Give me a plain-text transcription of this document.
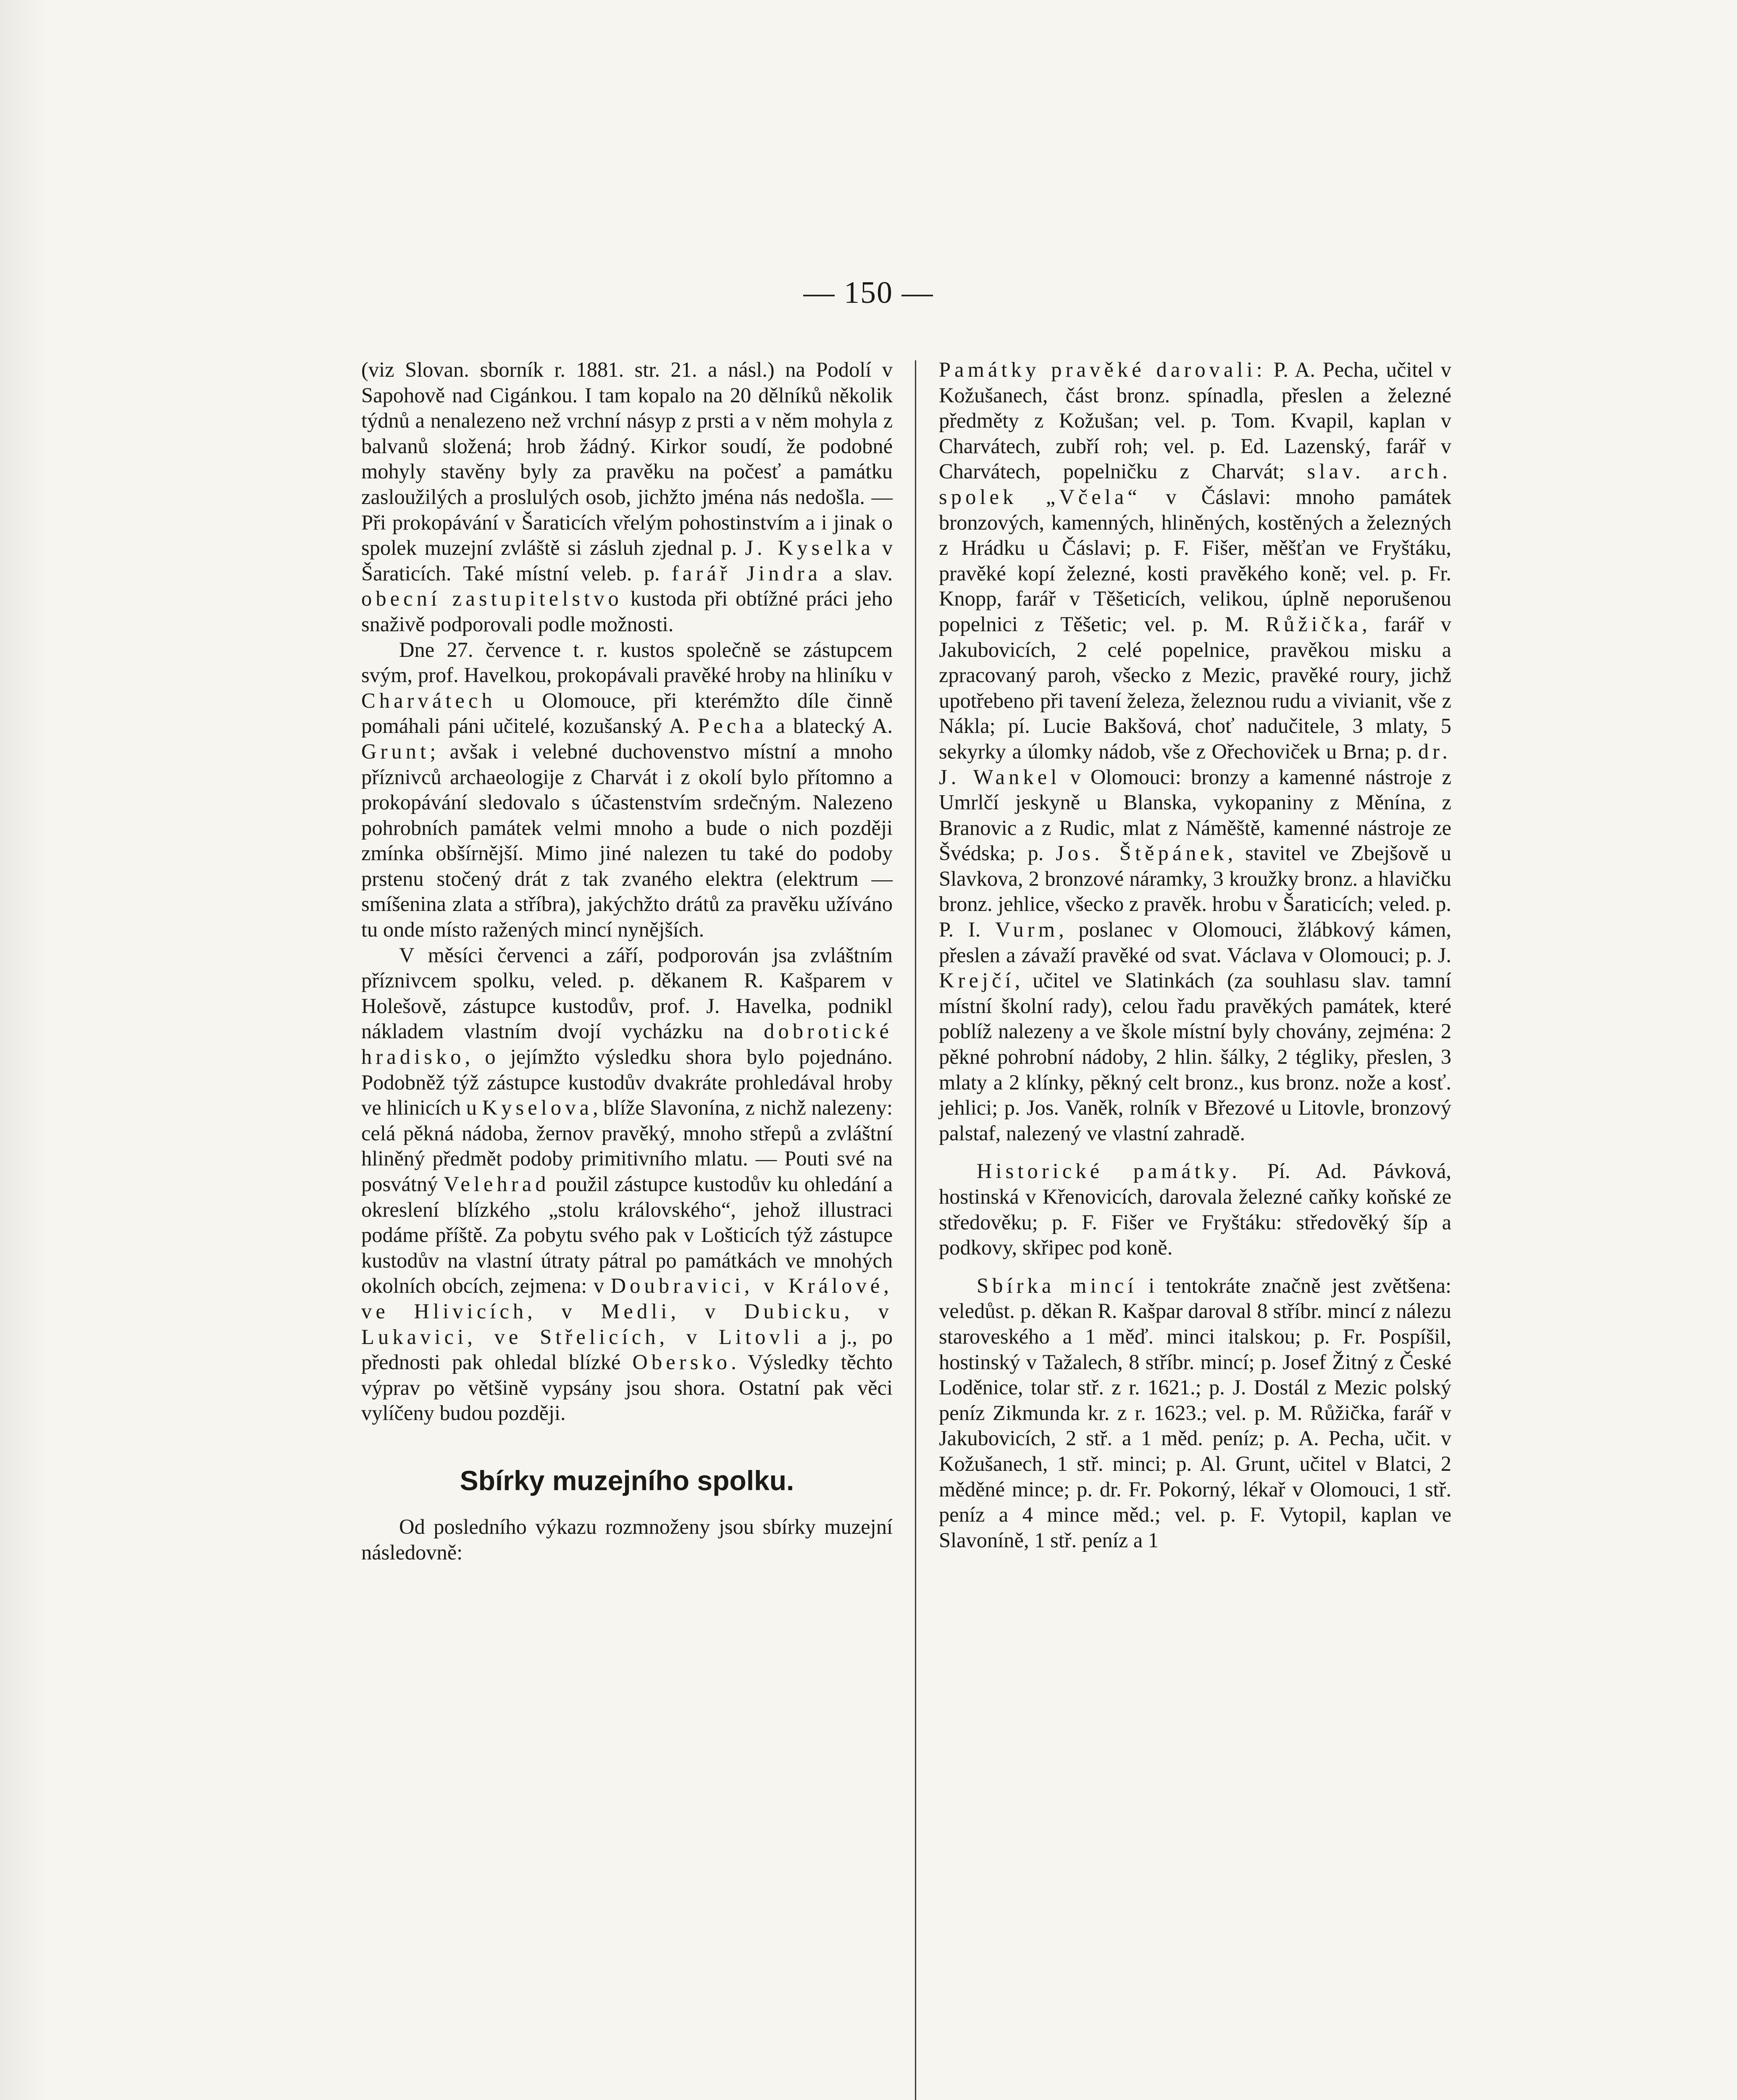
— 150 —

(viz Slovan. sborník r. 1881. str. 21. a násl.) na Podolí v Sapohově nad Cigánkou. I tam kopalo na 20 dělníků několik týdnů a nenalezeno než vrchní násyp z prsti a v něm mohyla z balvanů složená; hrob žádný. Kirkor soudí, že podobné mohyly stavěny byly za pravěku na počesť a památku zasloužilých a proslulých osob, jichžto jména nás nedošla. — Při prokopávání v Šaraticích vřelým pohostinstvím a i jinak o spolek muzejní zvláště si zásluh zjednal p. J. Kyselka v Šaraticích. Také místní veleb. p. farář Jindra a slav. obecní zastupitelstvo kustoda při obtížné práci jeho snaživě podporovali podle možnosti.

Dne 27. července t. r. kustos společně se zástupcem svým, prof. Havelkou, prokopávali pravěké hroby na hliníku v Charvátech u Olomouce, při kterémžto díle činně pomáhali páni učitelé, kozušanský A. Pecha a blatecký A. Grunt; avšak i velebné duchovenstvo místní a mnoho příznivců archaeologije z Charvát i z okolí bylo přítomno a prokopávání sledovalo s účastenstvím srdečným. Nalezeno pohrobních památek velmi mnoho a bude o nich později zmínka obšírnější. Mimo jiné nalezen tu také do podoby prstenu stočený drát z tak zvaného elektra (elektrum — smíšenina zlata a stříbra), jakýchžto drátů za pravěku užíváno tu onde místo ražených mincí nynějších.

V měsíci červenci a září, podporován jsa zvláštním příznivcem spolku, veled. p. děkanem R. Kašparem v Holešově, zástupce kustodův, prof. J. Havelka, podnikl nákladem vlastním dvojí vycházku na dobrotické hradisko, o jejímžto výsledku shora bylo pojednáno. Podobněž týž zástupce kustodův dvakráte prohledával hroby ve hlinicích u Kyselova, blíže Slavonína, z nichž nalezeny: celá pěkná nádoba, žernov pravěký, mnoho střepů a zvláštní hliněný předmět podoby primitivního mlatu. — Pouti své na posvátný Velehrad použil zástupce kustodův ku ohledání a okreslení blízkého „stolu královského“, jehož illustraci podáme příště. Za pobytu svého pak v Lošticích týž zástupce kustodův na vlastní útraty pátral po památkách ve mnohých okolních obcích, zejmena: v Doubravici, v Králové, ve Hlivicích, v Medli, v Dubicku, v Lukavici, ve Střelicích, v Litovli a j., po přednosti pak ohledal blízké Obersko. Výsledky těchto výprav po většině vypsány jsou shora. Ostatní pak věci vylíčeny budou později.

Sbírky muzejního spolku.

Od posledního výkazu rozmnoženy jsou sbírky muzejní následovně:

Památky pravěké darovali: P. A. Pecha, učitel v Kožušanech, část bronz. spínadla, přeslen a železné předměty z Kožušan; vel. p. Tom. Kvapil, kaplan v Charvátech, zubří roh; vel. p. Ed. Lazenský, farář v Charvátech, popelničku z Charvát; slav. arch. spolek „Včela“ v Čáslavi: mnoho památek bronzových, kamenných, hliněných, kostěných a železných z Hrádku u Čáslavi; p. F. Fišer, měšťan ve Fryštáku, pravěké kopí železné, kosti pravěkého koně; vel. p. Fr. Knopp, farář v Těšeticích, velikou, úplně neporušenou popelnici z Těšetic; vel. p. M. Růžička, farář v Jakubovicích, 2 celé popelnice, pravěkou misku a zpracovaný paroh, všecko z Mezic, pravěké roury, jichž upotřebeno při tavení železa, železnou rudu a vivianit, vše z Nákla; pí. Lucie Bakšová, choť nadučitele, 3 mlaty, 5 sekyrky a úlomky nádob, vše z Ořechoviček u Brna; p. dr. J. Wankel v Olomouci: bronzy a kamenné nástroje z Umrlčí jeskyně u Blanska, vykopaniny z Měnína, z Branovic a z Rudic, mlat z Náměště, kamenné nástroje ze Švédska; p. Jos. Štěpánek, stavitel ve Zbejšově u Slavkova, 2 bronzové náramky, 3 kroužky bronz. a hlavičku bronz. jehlice, všecko z pravěk. hrobu v Šaraticích; veled. p. P. I. Vurm, poslanec v Olomouci, žlábkový kámen, přeslen a závaží pravěké od svat. Václava v Olomouci; p. J. Krejčí, učitel ve Slatinkách (za souhlasu slav. tamní místní školní rady), celou řadu pravěkých památek, které poblíž nalezeny a ve škole místní byly chovány, zejména: 2 pěkné pohrobní nádoby, 2 hlin. šálky, 2 tégliky, přeslen, 3 mlaty a 2 klínky, pěkný celt bronz., kus bronz. nože a kosť. jehlici; p. Jos. Vaněk, rolník v Březové u Litovle, bronzový palstaf, nalezený ve vlastní zahradě.

Historické památky. Pí. Ad. Pávková, hostinská v Křenovicích, darovala železné caňky koňské ze středověku; p. F. Fišer ve Fryštáku: středověký šíp a podkovy, skřipec pod koně.

Sbírka mincí i tentokráte značně jest zvětšena: veledůst. p. děkan R. Kašpar daroval 8 stříbr. mincí z nálezu staroveského a 1 měď. minci italskou; p. Fr. Pospíšil, hostinský v Tažalech, 8 stříbr. mincí; p. Josef Žitný z České Loděnice, tolar stř. z r. 1621.; p. J. Dostál z Mezic polský peníz Zikmunda kr. z r. 1623.; vel. p. M. Růžička, farář v Jakubovicích, 2 stř. a 1 měd. peníz; p. A. Pecha, učit. v Kožušanech, 1 stř. minci; p. Al. Grunt, učitel v Blatci, 2 měděné mince; p. dr. Fr. Pokorný, lékař v Olomouci, 1 stř. peníz a 4 mince měd.; vel. p. F. Vytopil, kaplan ve Slavoníně, 1 stř. peníz a 1
